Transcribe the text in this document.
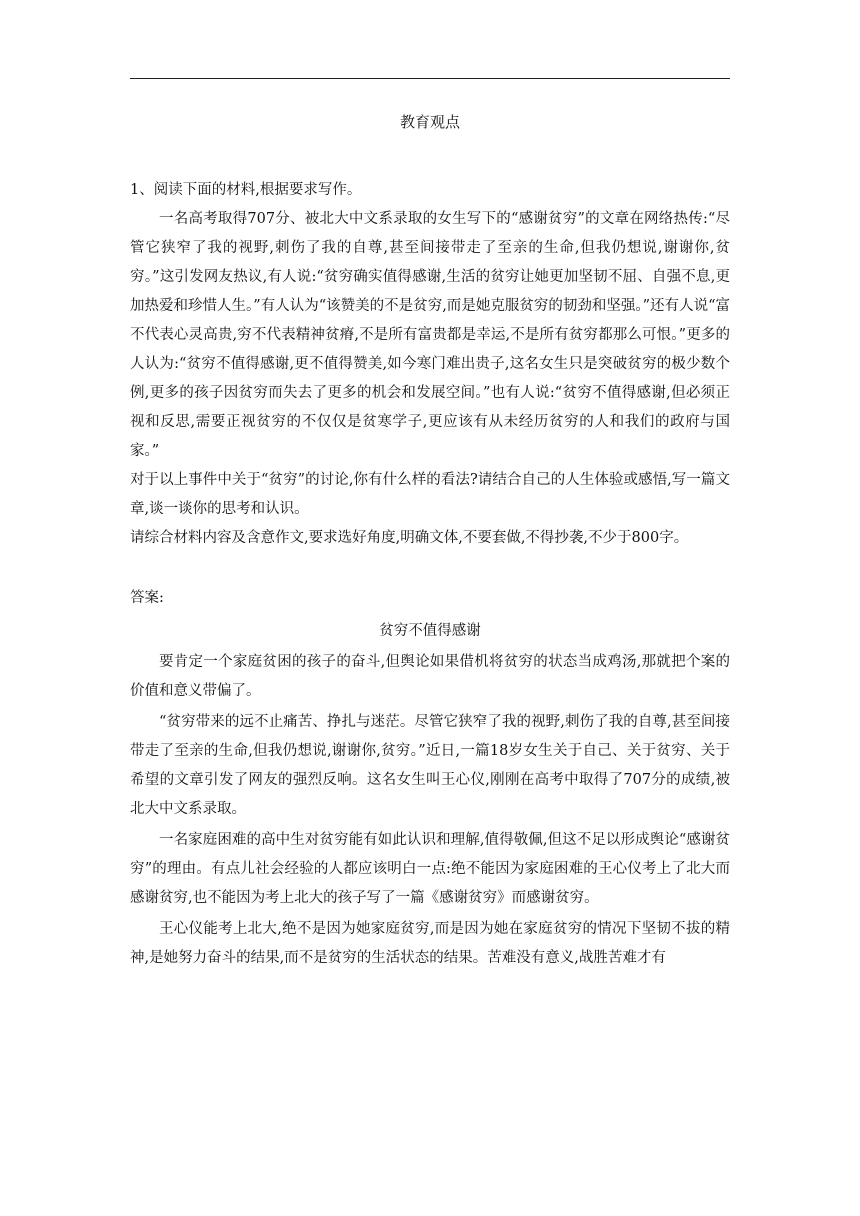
教育观点

1、阅读下面的材料,根据要求写作。

一名高考取得707分、被北大中文系录取的女生写下的“感谢贫穷”的文章在网络热传:“尽管它狭窄了我的视野,刺伤了我的自尊,甚至间接带走了至亲的生命,但我仍想说,谢谢你,贫穷。”这引发网友热议,有人说:“贫穷确实值得感谢,生活的贫穷让她更加坚韧不屈、自强不息,更加热爱和珍惜人生。”有人认为“该赞美的不是贫穷,而是她克服贫穷的韧劲和坚强。”还有人说“富不代表心灵高贵,穷不代表精神贫瘠,不是所有富贵都是幸运,不是所有贫穷都那么可恨。”更多的人认为:“贫穷不值得感谢,更不值得赞美,如今寒门难出贵子,这名女生只是突破贫穷的极少数个例,更多的孩子因贫穷而失去了更多的机会和发展空间。”也有人说:“贫穷不值得感谢,但必须正视和反思,需要正视贫穷的不仅仅是贫寒学子,更应该有从未经历贫穷的人和我们的政府与国家。”

对于以上事件中关于“贫穷”的讨论,你有什么样的看法?请结合自己的人生体验或感悟,写一篇文章,谈一谈你的思考和认识。

请综合材料内容及含意作文,要求选好角度,明确文体,不要套做,不得抄袭,不少于800字。

答案:

贫穷不值得感谢

要肯定一个家庭贫困的孩子的奋斗,但舆论如果借机将贫穷的状态当成鸡汤,那就把个案的价值和意义带偏了。

“贫穷带来的远不止痛苦、挣扎与迷茫。尽管它狭窄了我的视野,刺伤了我的自尊,甚至间接带走了至亲的生命,但我仍想说,谢谢你,贫穷。”近日,一篇18岁女生关于自己、关于贫穷、关于希望的文章引发了网友的强烈反响。这名女生叫王心仪,刚刚在高考中取得了707分的成绩,被北大中文系录取。

一名家庭困难的高中生对贫穷能有如此认识和理解,值得敬佩,但这不足以形成舆论“感谢贫穷”的理由。有点儿社会经验的人都应该明白一点:绝不能因为家庭困难的王心仪考上了北大而感谢贫穷,也不能因为考上北大的孩子写了一篇《感谢贫穷》而感谢贫穷。

王心仪能考上北大,绝不是因为她家庭贫穷,而是因为她在家庭贫穷的情况下坚韧不拔的精神,是她努力奋斗的结果,而不是贫穷的生活状态的结果。苦难没有意义,战胜苦难才有
